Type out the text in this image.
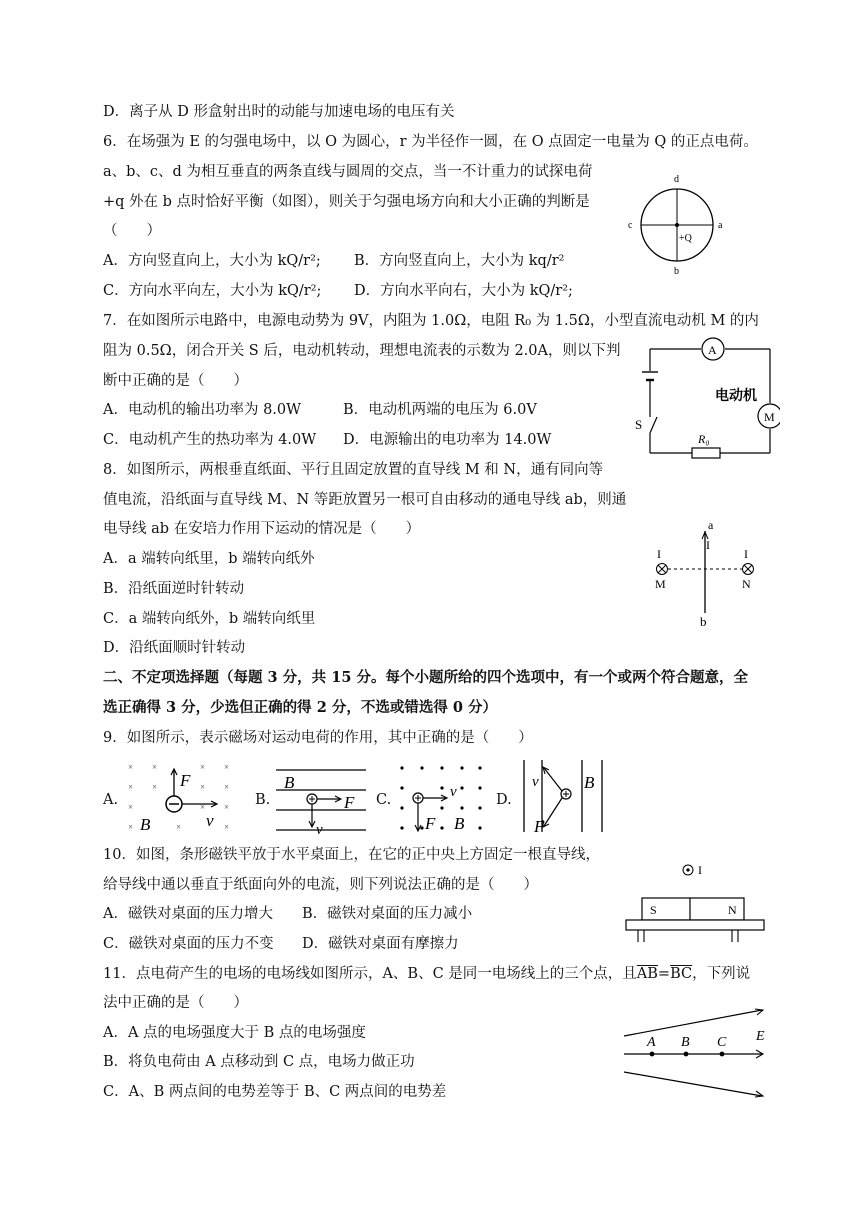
D．离子从 D 形盒射出时的动能与加速电场的电压有关
6．在场强为 E 的匀强电场中，以 O 为圆心，r 为半径作一圆，在 O 点固定一电量为 Q 的正点电荷。
a、b、c、d 为相互垂直的两条直线与圆周的交点，当一不计重力的试探电荷
+q 外在 b 点时恰好平衡（如图），则关于匀强电场方向和大小正确的判断是
（　　）
A．方向竖直向上，大小为 kQ/r²; B．方向竖直向上，大小为 kq/r²
C．方向水平向左，大小为 kQ/r²; D．方向水平向右，大小为 kQ/r²;
7．在如图所示电路中，电源电动势为 9V，内阻为 1.0Ω，电阻 R₀ 为 1.5Ω，小型直流电动机 M 的内
阻为 0.5Ω，闭合开关 S 后，电动机转动，理想电流表的示数为 2.0A，则以下判
断中正确的是（　　）
A．电动机的输出功率为 8.0W	B．电动机两端的电压为 6.0V
C．电动机产生的热功率为 4.0W D．电源输出的电功率为 14.0W
8．如图所示，两根垂直纸面、平行且固定放置的直导线 M 和 N，通有同向等
值电流，沿纸面与直导线 M、N 等距放置另一根可自由移动的通电导线 ab，则通
电导线 ab 在安培力作用下运动的情况是（　　）
A．a 端转向纸里，b 端转向纸外
B．沿纸面逆时针转动
C．a 端转向纸外，b 端转向纸里
D．沿纸面顺时针转动
二、不定项选择题（每题 3 分，共 15 分。每个小题所给的四个选项中，有一个或两个符合题意，全
选正确得 3 分，少选但正确的得 2 分，不选或错选得 0 分）
9．如图所示，表示磁场对运动电荷的作用，其中正确的是（　　）
A.	B.	C.	D.
10．如图，条形磁铁平放于水平桌面上，在它的正中央上方固定一根直导线，
给导线中通以垂直于纸面向外的电流，则下列说法正确的是（　　）
A．磁铁对桌面的压力增大 B．磁铁对桌面的压力减小
C．磁铁对桌面的压力不变 D．磁铁对桌面有摩擦力
11．点电荷产生的电场的电场线如图所示，A、B、C 是同一电场线上的三个点，且$\overline{AB}=\overline{BC}$，下列说
法中正确的是（　　）
A．A 点的电场强度大于 B 点的电场强度
B．将负电荷由 A 点移动到 C 点，电场力做正功
C．A、B 两点间的电势差等于 B、C 两点间的电势差
d
c	a
b
+Q
S
A
M
电动机
R₀
a
I
I	I
M	N
b
× ×	× ×
× ×	× ×
×	× ×
×	×	×
F
B	v
B
F
v
v
F B
v	B
F
I
S	N
A B C E
